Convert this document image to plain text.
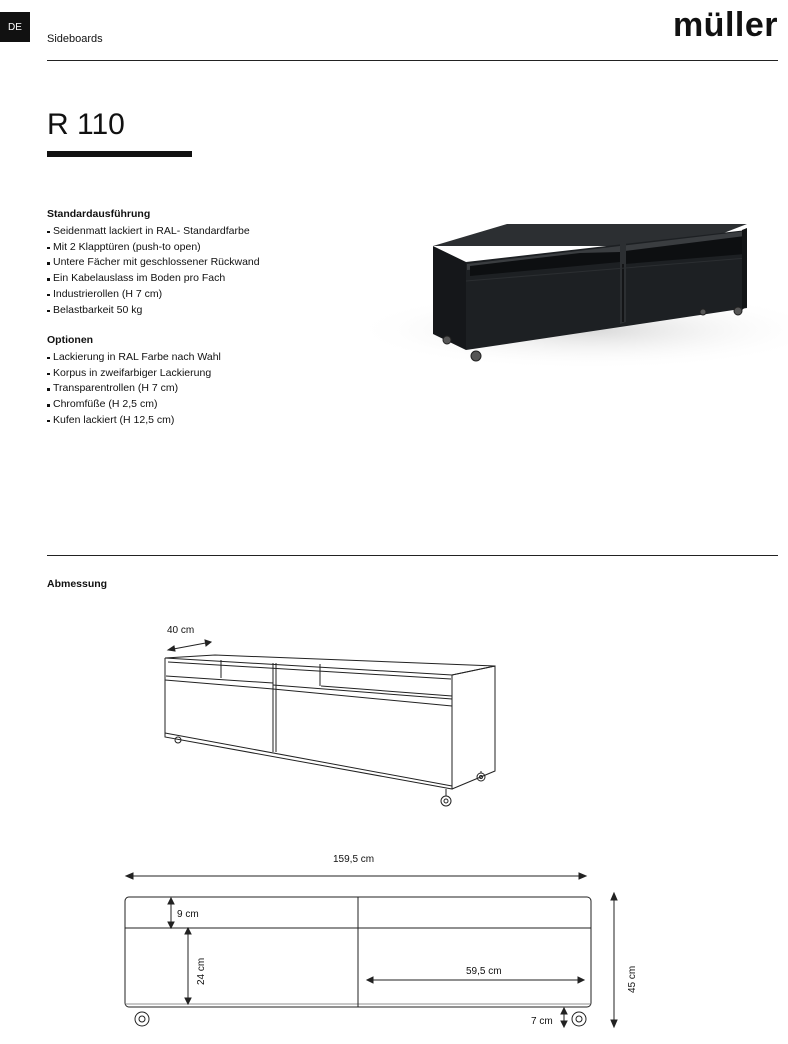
DE
Sideboards	müller
R 110
Standardausführung
Seidenmatt lackiert in RAL- Standardfarbe
Mit 2 Klapptüren (push-to open)
Untere Fächer mit geschlossener Rückwand
Ein Kabelauslass im Boden pro Fach
Industrierollen (H 7 cm)
Belastbarkeit 50 kg
Optionen
Lackierung in RAL Farbe nach Wahl
Korpus in zweifarbiger Lackierung
Transparentrollen (H 7 cm)
Chromfüße (H 2,5 cm)
Kufen lackiert (H 12,5 cm)
Abmessung
40 cm
159,5 cm
9 cm
24 cm	59,5 cm	45 cm
7 cm
